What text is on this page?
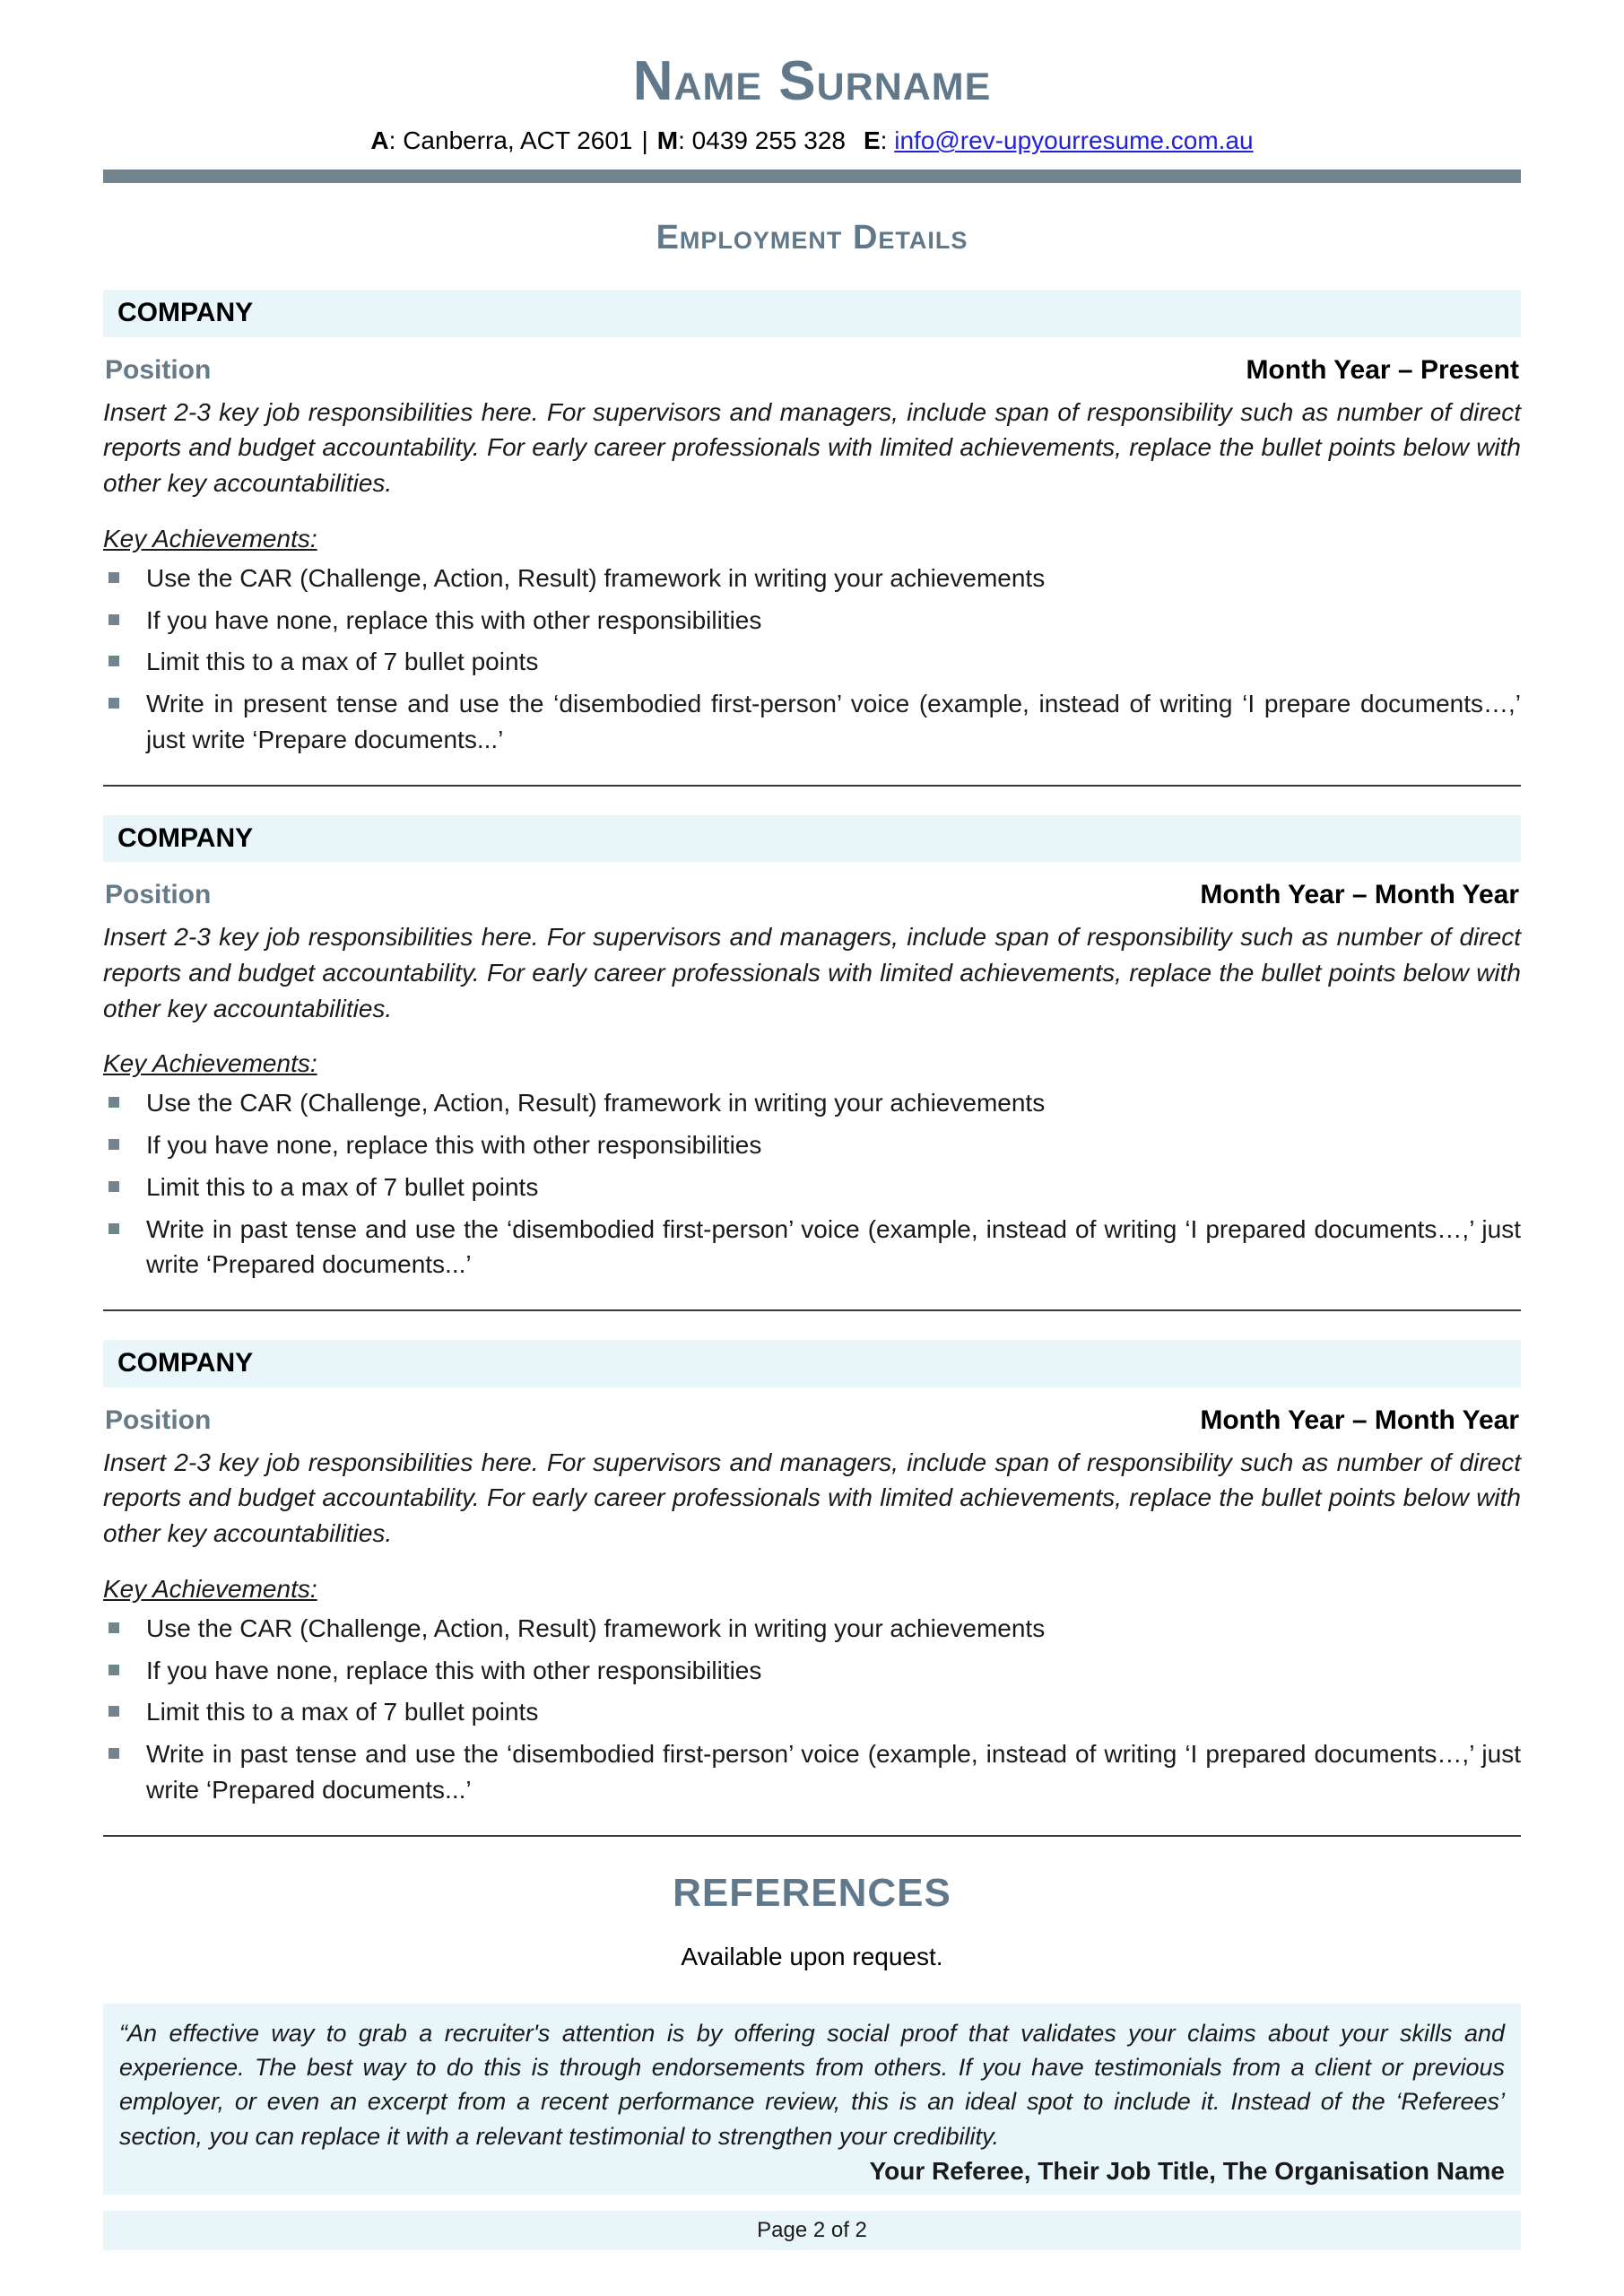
Name Surname
A: Canberra, ACT 2601 | M: 0439 255 328 E: info@rev-upyourresume.com.au
Employment Details
COMPANY
Position	Month Year – Present

Insert 2-3 key job responsibilities here. For supervisors and managers, include span of responsibility such as number of direct reports and budget accountability. For early career professionals with limited achievements, replace the bullet points below with other key accountabilities.

Key Achievements:
Use the CAR (Challenge, Action, Result) framework in writing your achievements
If you have none, replace this with other responsibilities
Limit this to a max of 7 bullet points
Write in present tense and use the ‘disembodied first-person’ voice (example, instead of writing ‘I prepare documents…,’ just write ‘Prepare documents...’
COMPANY
Position	Month Year – Month Year

Insert 2-3 key job responsibilities here. For supervisors and managers, include span of responsibility such as number of direct reports and budget accountability. For early career professionals with limited achievements, replace the bullet points below with other key accountabilities.

Key Achievements:
Use the CAR (Challenge, Action, Result) framework in writing your achievements
If you have none, replace this with other responsibilities
Limit this to a max of 7 bullet points
Write in past tense and use the ‘disembodied first-person’ voice (example, instead of writing ‘I prepared documents…,’ just write ‘Prepared documents...’
COMPANY
Position	Month Year – Month Year

Insert 2-3 key job responsibilities here. For supervisors and managers, include span of responsibility such as number of direct reports and budget accountability. For early career professionals with limited achievements, replace the bullet points below with other key accountabilities.

Key Achievements:
Use the CAR (Challenge, Action, Result) framework in writing your achievements
If you have none, replace this with other responsibilities
Limit this to a max of 7 bullet points
Write in past tense and use the ‘disembodied first-person’ voice (example, instead of writing ‘I prepared documents…,’ just write ‘Prepared documents...’
REFERENCES
Available upon request.

“An effective way to grab a recruiter's attention is by offering social proof that validates your claims about your skills and experience. The best way to do this is through endorsements from others. If you have testimonials from a client or previous employer, or even an excerpt from a recent performance review, this is an ideal spot to include it. Instead of the ‘Referees’ section, you can replace it with a relevant testimonial to strengthen your credibility.

Your Referee, Their Job Title, The Organisation Name
Page 2 of 2
